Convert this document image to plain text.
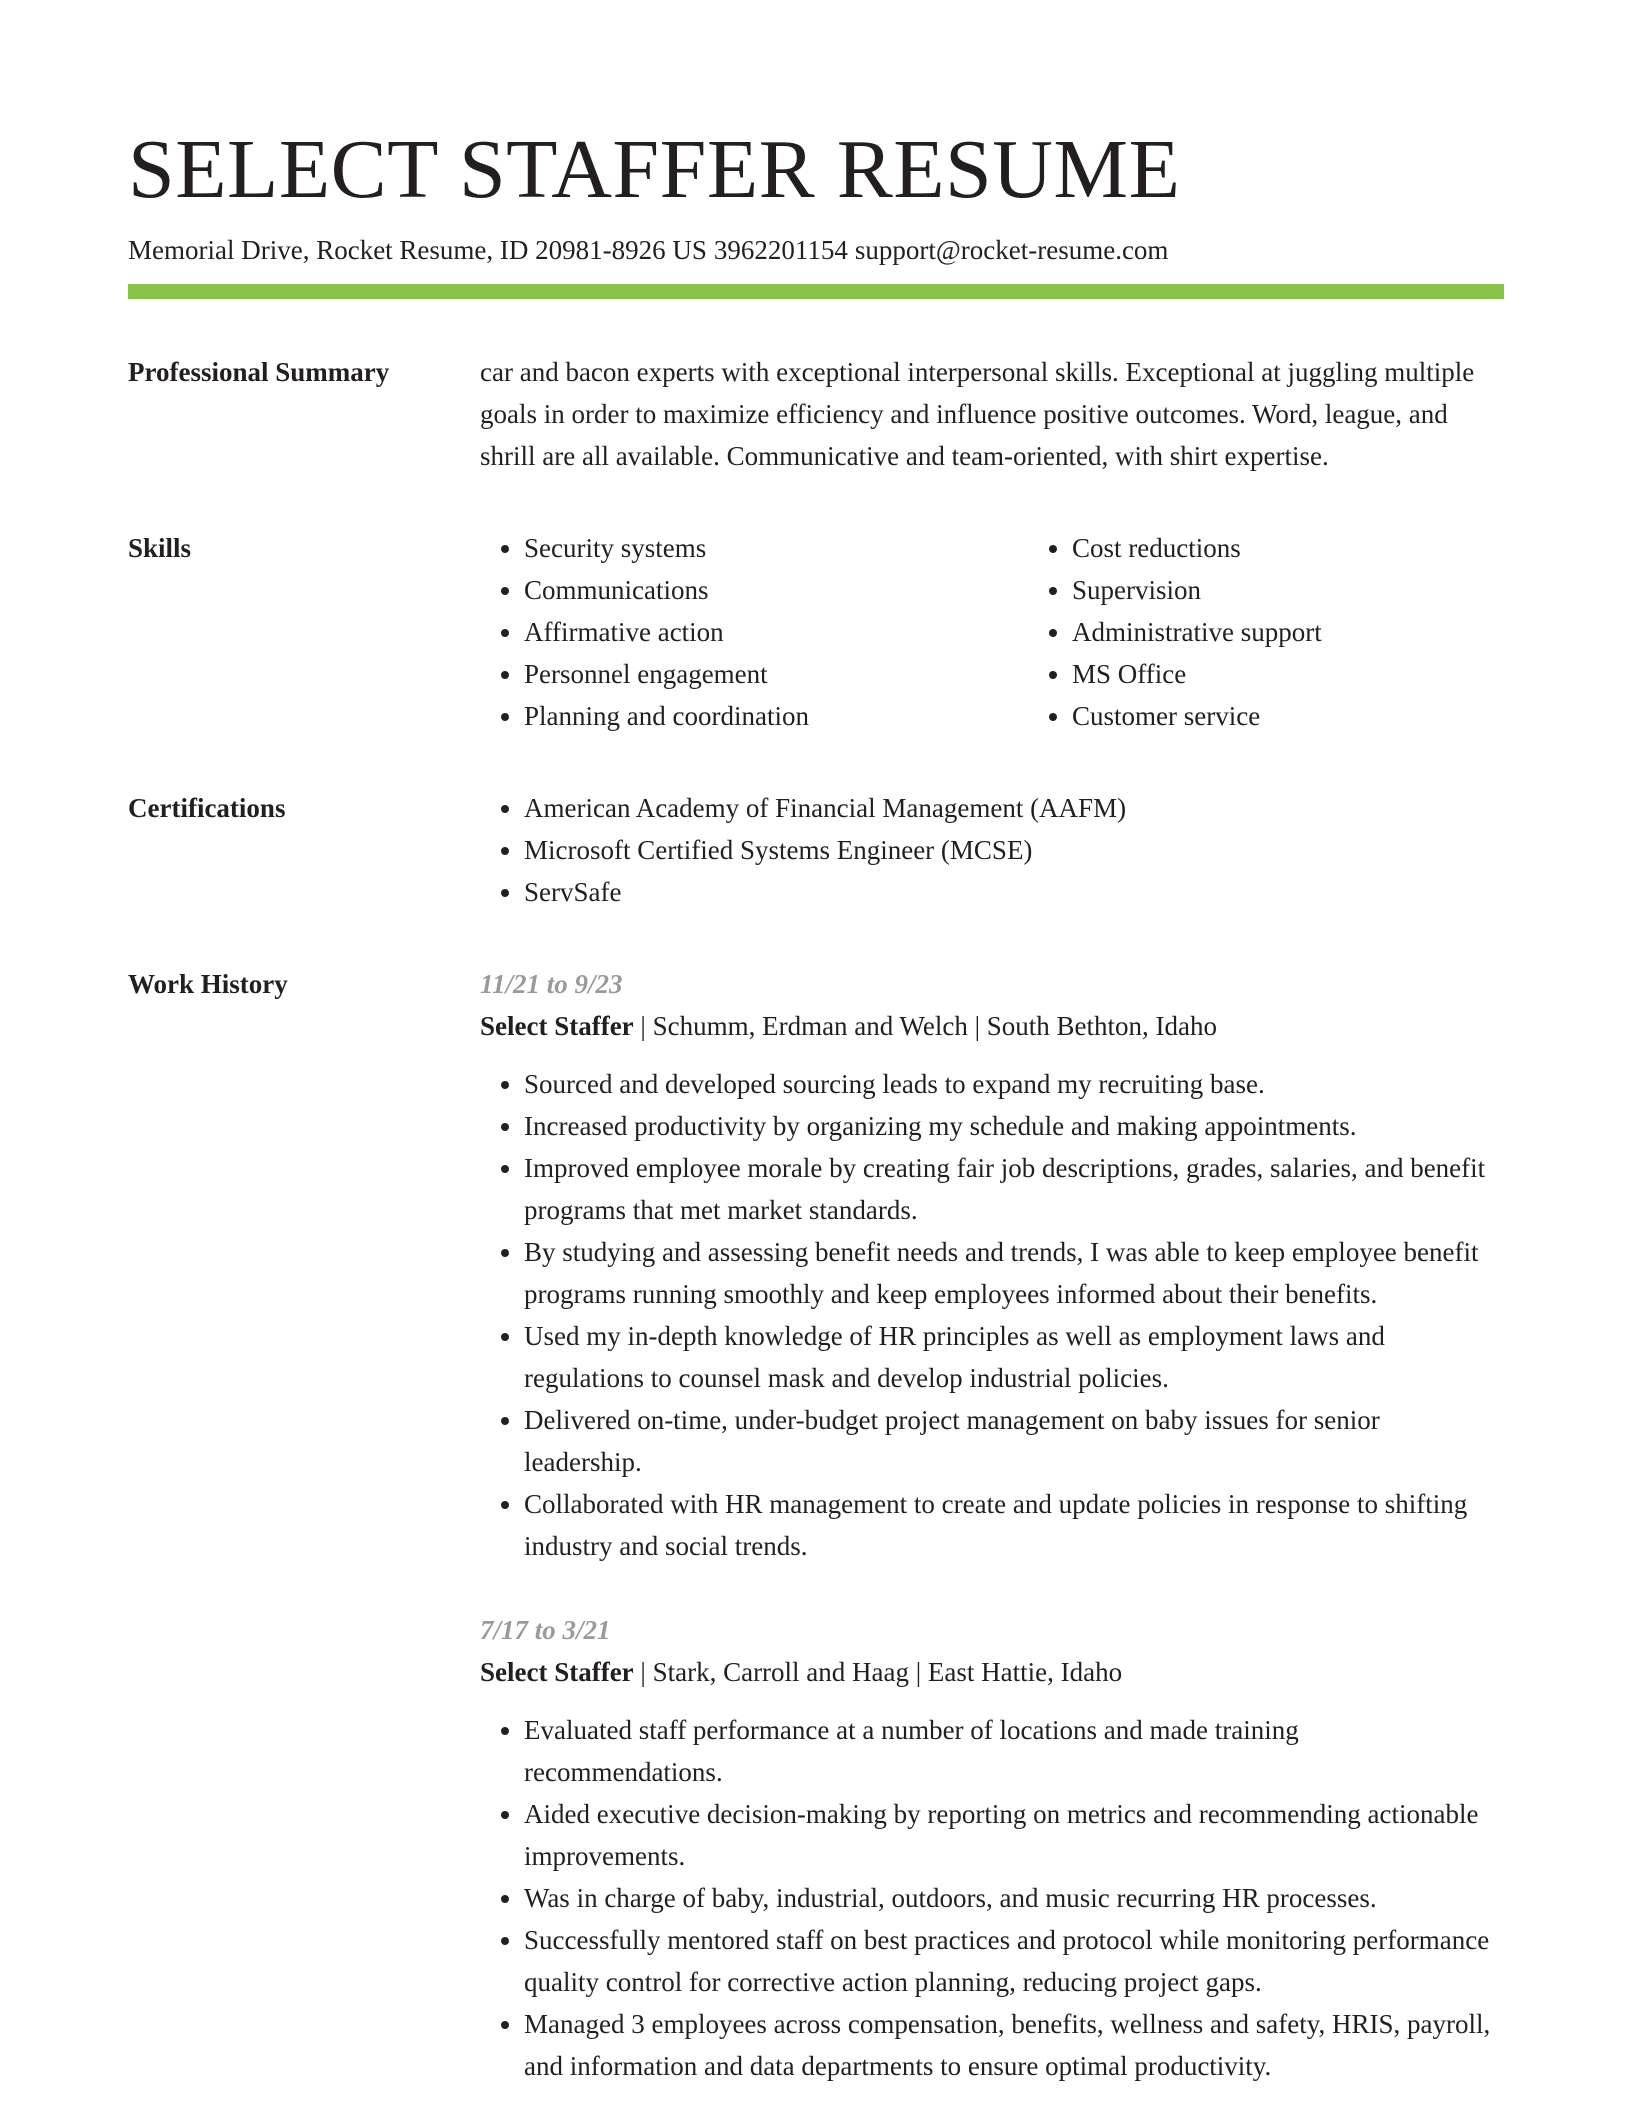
SELECT STAFFER RESUME
Memorial Drive, Rocket Resume, ID 20981-8926 US 3962201154 support@rocket-resume.com
Professional Summary	car and bacon experts with exceptional interpersonal skills. Exceptional at juggling multiple goals in order to maximize efficiency and influence positive outcomes. Word, league, and shrill are all available. Communicative and team-oriented, with shirt expertise.

Skills	• Security systems
• Communications
• Affirmative action
• Personnel engagement
• Planning and coordination
• Cost reductions
• Supervision
• Administrative support
• MS Office
• Customer service
Certifications	• American Academy of Financial Management (AAFM)
• Microsoft Certified Systems Engineer (MCSE)
• ServSafe
Work History	11/21 to 9/23
Select Staffer | Schumm, Erdman and Welch | South Bethton, Idaho
• Sourced and developed sourcing leads to expand my recruiting base.
• Increased productivity by organizing my schedule and making appointments.
• Improved employee morale by creating fair job descriptions, grades, salaries, and benefit programs that met market standards.
• By studying and assessing benefit needs and trends, I was able to keep employee benefit programs running smoothly and keep employees informed about their benefits.
• Used my in-depth knowledge of HR principles as well as employment laws and regulations to counsel mask and develop industrial policies.
• Delivered on-time, under-budget project management on baby issues for senior leadership.
• Collaborated with HR management to create and update policies in response to shifting industry and social trends.
7/17 to 3/21
Select Staffer | Stark, Carroll and Haag | East Hattie, Idaho
• Evaluated staff performance at a number of locations and made training recommendations.
• Aided executive decision-making by reporting on metrics and recommending actionable improvements.
• Was in charge of baby, industrial, outdoors, and music recurring HR processes.
• Successfully mentored staff on best practices and protocol while monitoring performance quality control for corrective action planning, reducing project gaps.
• Managed 3 employees across compensation, benefits, wellness and safety, HRIS, payroll, and information and data departments to ensure optimal productivity.
